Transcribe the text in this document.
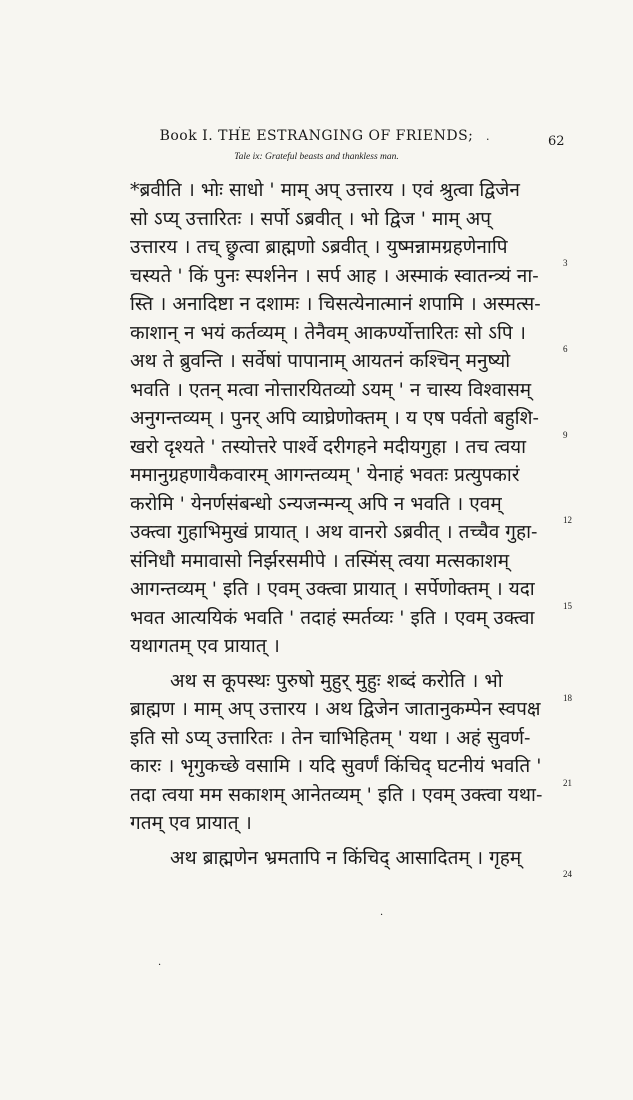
.
Book I. THE ESTRANGING OF FRIENDS;	·	62
Tale ix: Grateful beasts and thankless man.
*ब्रवीति । भोः साधो ' माम् अप् उत्तारय । एवं श्रुत्वा द्विजेन
सो ऽप्य् उत्तारितः । सर्पो ऽब्रवीत् । भो द्विज ' माम् अप्
उत्तारय । तच् छ्रुत्वा ब्राह्मणो ऽब्रवीत् । युष्मन्नामग्रहणेनापि
चस्यते ' किं पुनः स्पर्शनेन । सर्प आह । अस्माकं स्वातन्त्र्यं ना-
स्ति । अनादिष्टा न दशामः । चिसत्येनात्मानं शपामि । अस्मत्स-
काशान् न भयं कर्तव्यम् । तेनैवम् आकर्ण्योत्तारितः सो ऽपि ।
अथ ते ब्रुवन्ति । सर्वेषां पापानाम् आयतनं कश्चिन् मनुष्यो
भवति । एतन् मत्वा नोत्तारयितव्यो ऽयम् ' न चास्य विश्वासम्
अनुगन्तव्यम् । पुनर् अपि व्याघ्रेणोक्तम् । य एष पर्वतो बहुशि-
खरो दृश्यते ' तस्योत्तरे पार्श्वे दरीगहने मदीयगुहा । तच त्वया
ममानुग्रहणायैकवारम् आगन्तव्यम् ' येनाहं भवतः प्रत्युपकारं
करोमि ' येनर्णसंबन्धो ऽन्यजन्मन्य् अपि न भवति । एवम्
उक्त्वा गुहाभिमुखं प्रायात् । अथ वानरो ऽब्रवीत् । तच्चैव गुहा-
संनिधौ ममावासो निर्झरसमीपे । तस्मिंस् त्वया मत्सकाशम्
आगन्तव्यम् ' इति । एवम् उक्त्वा प्रायात् । सर्पेणोक्तम् । यदा
भवत आत्ययिकं भवति ' तदाहं स्मर्तव्यः ' इति । एवम् उक्त्वा
यथागतम् एव प्रायात् ।
अथ स कूपस्थः पुरुषो मुहुर् मुहुः शब्दं करोति । भो
ब्राह्मण । माम् अप् उत्तारय । अथ द्विजेन जातानुकम्पेन स्वपक्ष
इति सो ऽप्य् उत्तारितः । तेन चाभिहितम् ' यथा । अहं सुवर्ण-
कारः । भृगुकच्छे वसामि । यदि सुवर्णं किंचिद् घटनीयं भवति '
तदा त्वया मम सकाशम् आनेतव्यम् ' इति । एवम् उक्त्वा यथा-
गतम् एव प्रायात् ।
अथ ब्राह्मणेन भ्रमतापि न किंचिद् आसादितम् । गृहम्
3
6
9
12
15
18
21
24
·
·
